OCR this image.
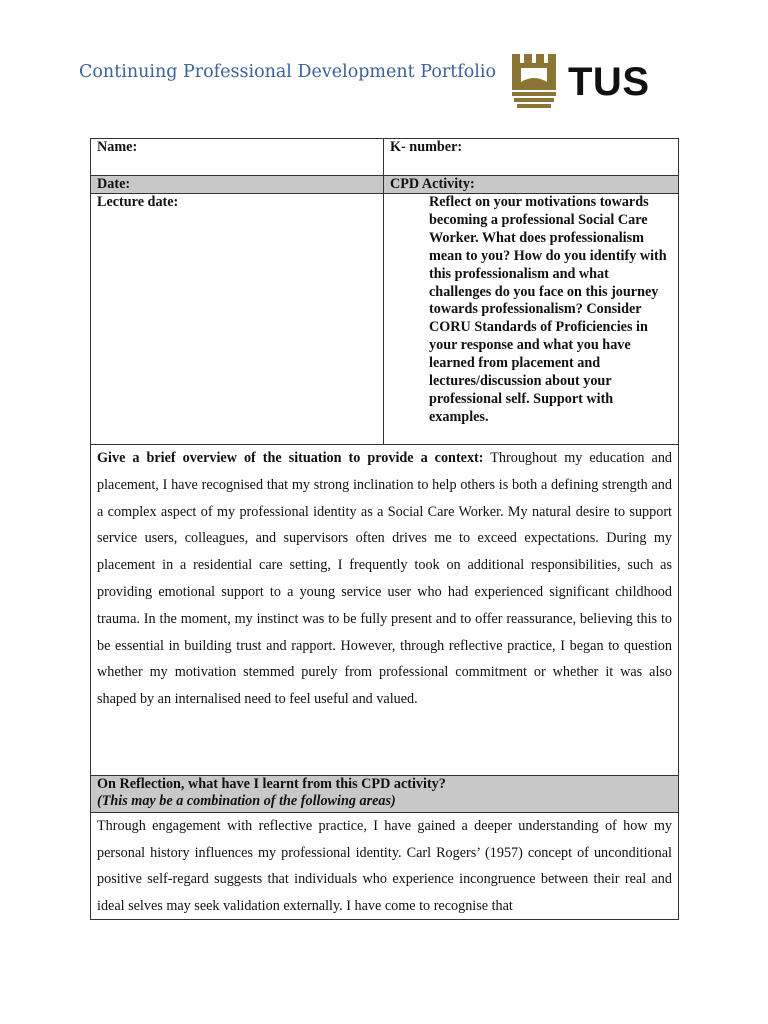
Continuing Professional Development Portfolio TUS
Name:	K- number:
Date:	CPD Activity:
Lecture date:	Reflect on your motivations towards becoming a professional Social Care Worker. What does professionalism mean to you? How do you identify with this professionalism and what challenges do you face on this journey towards professionalism? Consider CORU Standards of Proficiencies in your response and what you have learned from placement and lectures/discussion about your professional self. Support with examples.
Give a brief overview of the situation to provide a context: Throughout my education and placement, I have recognised that my strong inclination to help others is both a defining strength and a complex aspect of my professional identity as a Social Care Worker. My natural desire to support service users, colleagues, and supervisors often drives me to exceed expectations. During my placement in a residential care setting, I frequently took on additional responsibilities, such as providing emotional support to a young service user who had experienced significant childhood trauma. In the moment, my instinct was to be fully present and to offer reassurance, believing this to be essential in building trust and rapport. However, through reflective practice, I began to question whether my motivation stemmed purely from professional commitment or whether it was also shaped by an internalised need to feel useful and valued.	

On Reflection, what have I learnt from this CPD activity?
(This may be a combination of the following areas)	

Through engagement with reflective practice, I have gained a deeper understanding of how my personal history influences my professional identity. Carl Rogers’ (1957) concept of unconditional positive self-regard suggests that individuals who experience incongruence between their real and ideal selves may seek validation externally. I have come to recognise that	
